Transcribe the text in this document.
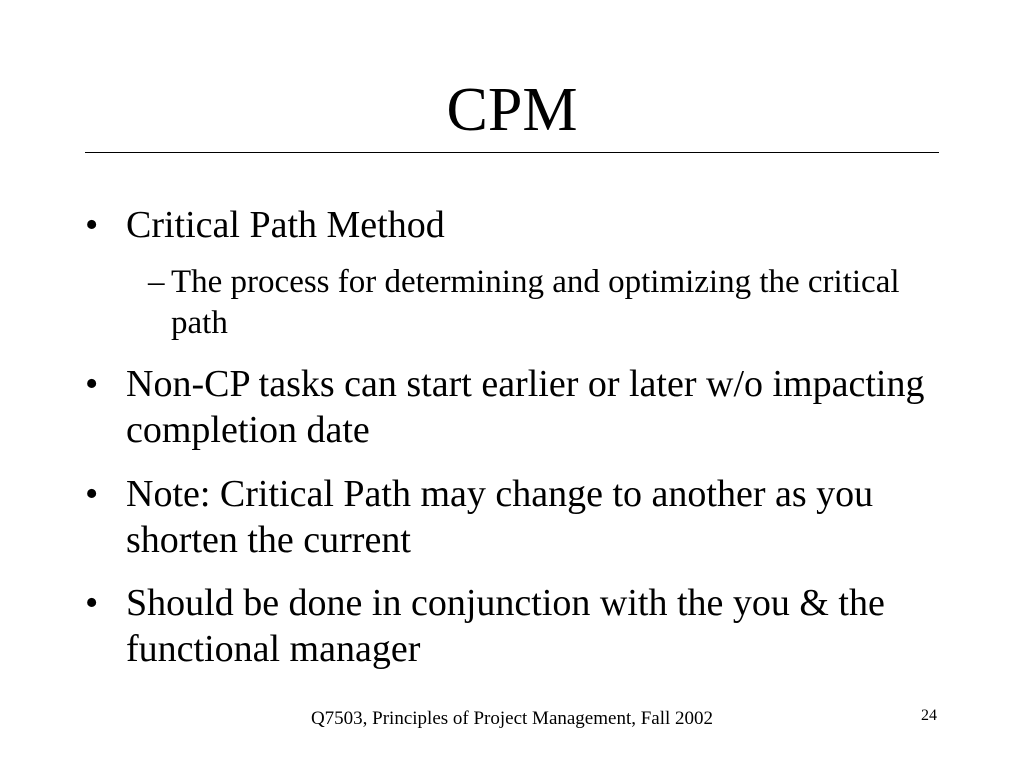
CPM
• Critical Path Method
– The process for determining and optimizing the critical path
• Non-CP tasks can start earlier or later w/o impacting completion date
• Note: Critical Path may change to another as you shorten the current
• Should be done in conjunction with the you & the functional manager
Q7503, Principles of Project Management, Fall 2002	24
